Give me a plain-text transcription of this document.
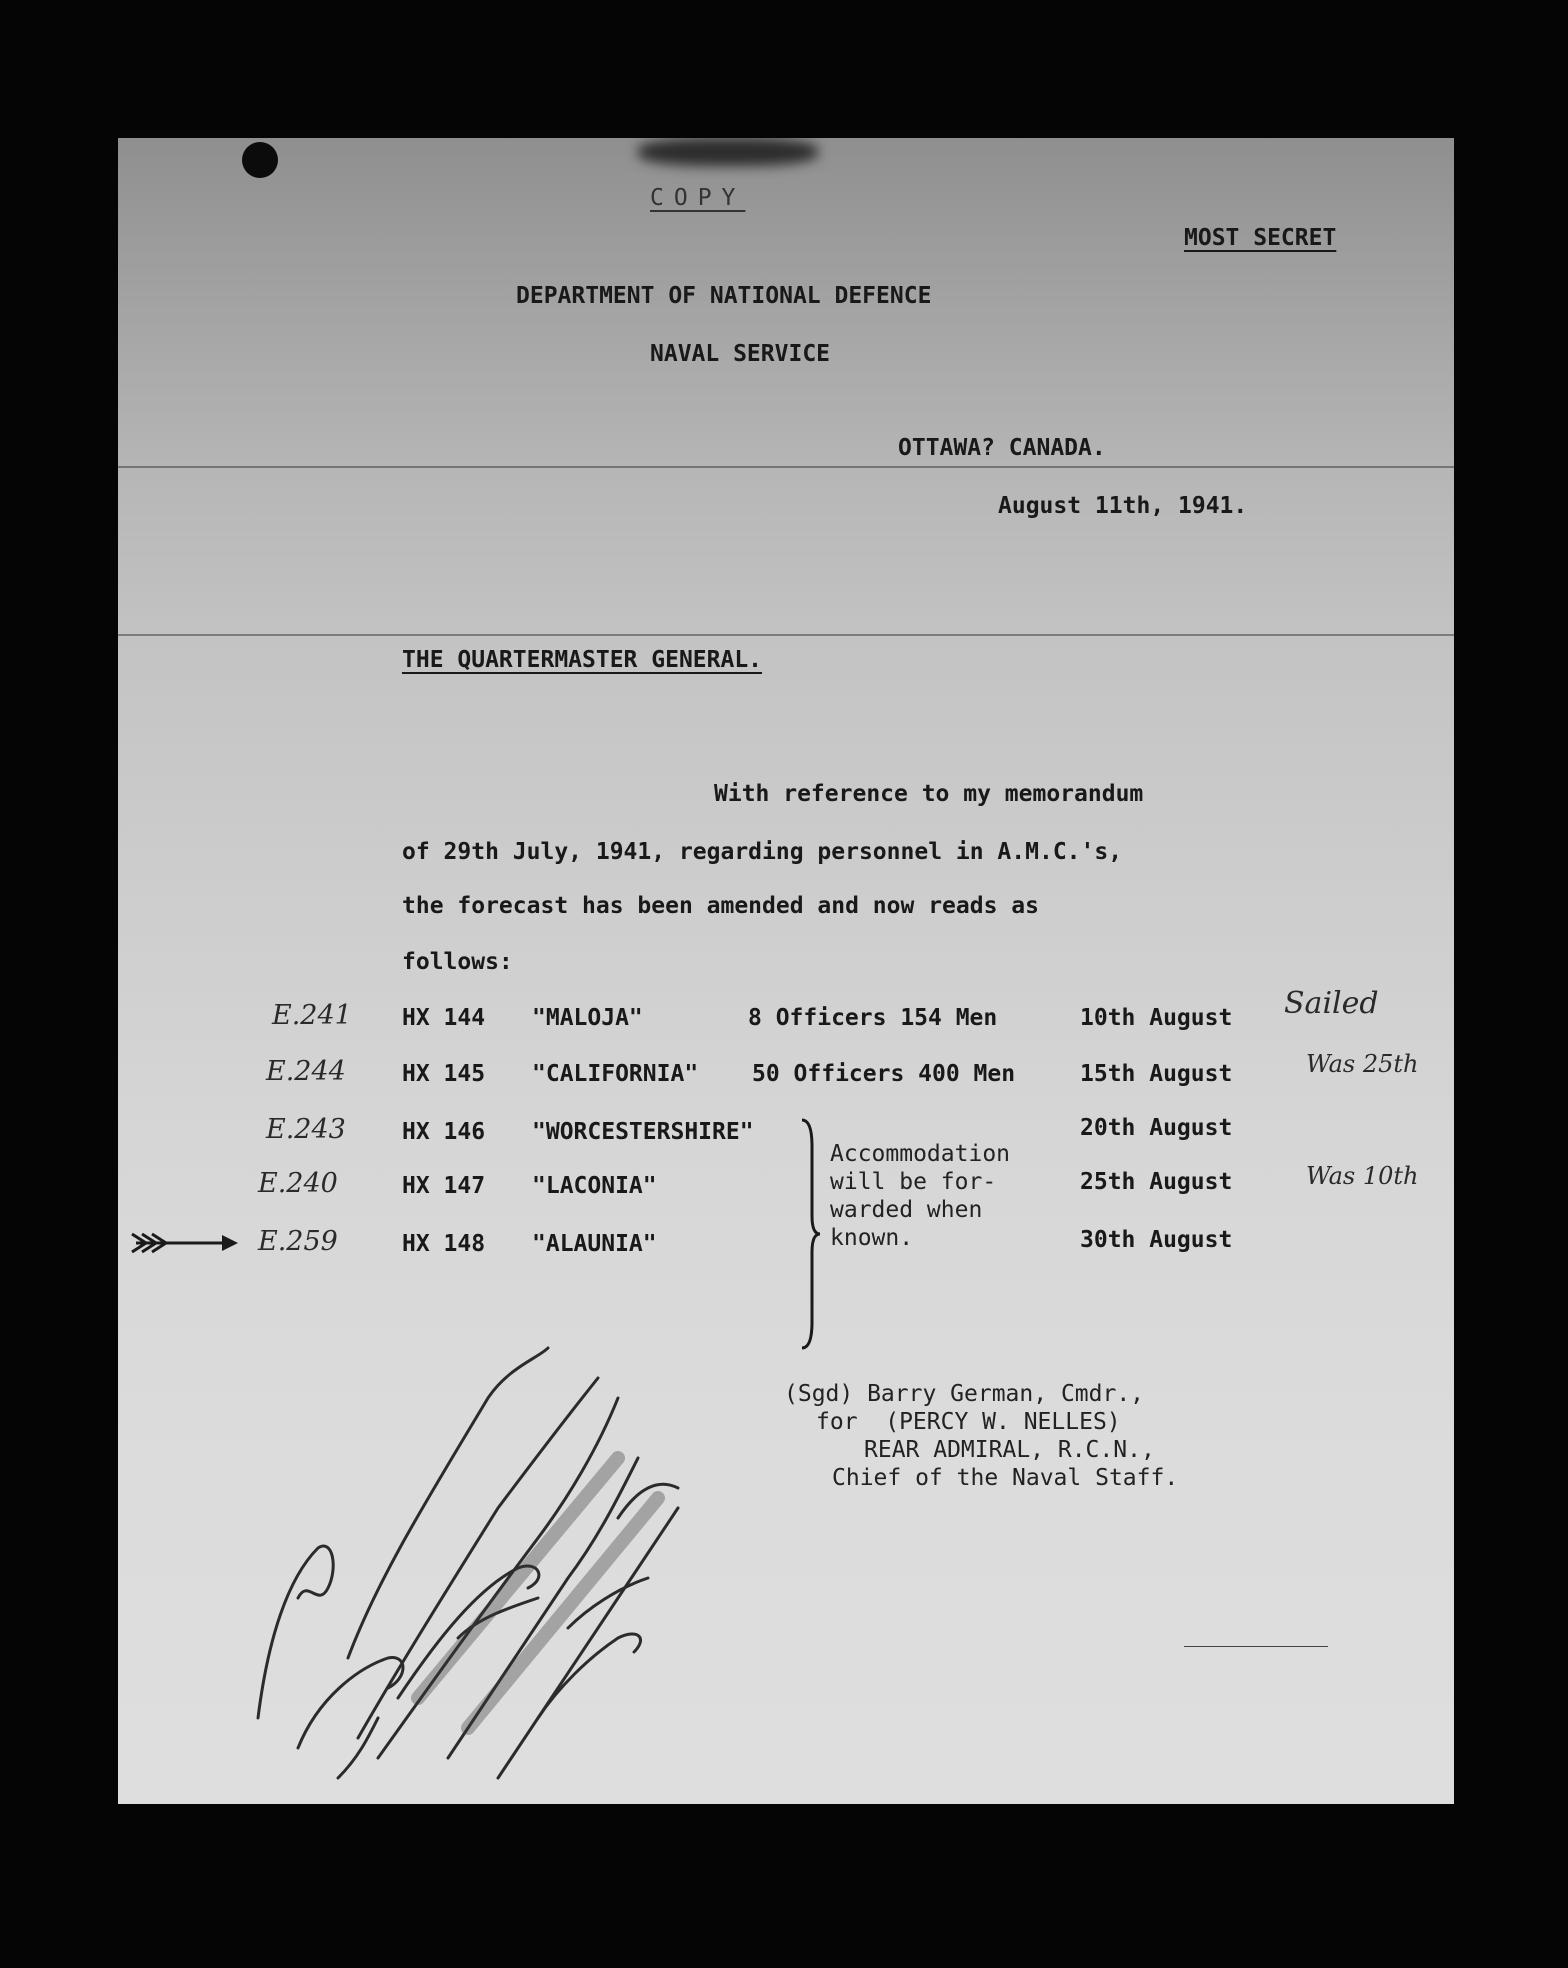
COPY

MOST SECRET

DEPARTMENT OF NATIONAL DEFENCE

NAVAL SERVICE

OTTAWA? CANADA.

August 11th, 1941.

THE QUARTERMASTER GENERAL.

With reference to my memorandum

of 29th July, 1941, regarding personnel in A.M.C.'s,

the forecast has been amended and now reads as

follows:

E.241 HX 144 "MALOJA"	8 Officers 154 Men	10th August Sailed
E.244 HX 145 "CALIFORNIA" 50 Officers 400 Men	15th August	Was 25th
E.243 HX 146 "WORCESTERSHIRE"	20th August
E.240	HX 147 "LACONIA"	25th August	Was 10th
E.259	HX 148 "ALAUNIA"	30th August

Accommodation

will be for-

warded when

known.

(Sgd) Barry German, Cmdr.,

for  (PERCY W. NELLES)

REAR ADMIRAL, R.C.N.,

Chief of the Naval Staff.
